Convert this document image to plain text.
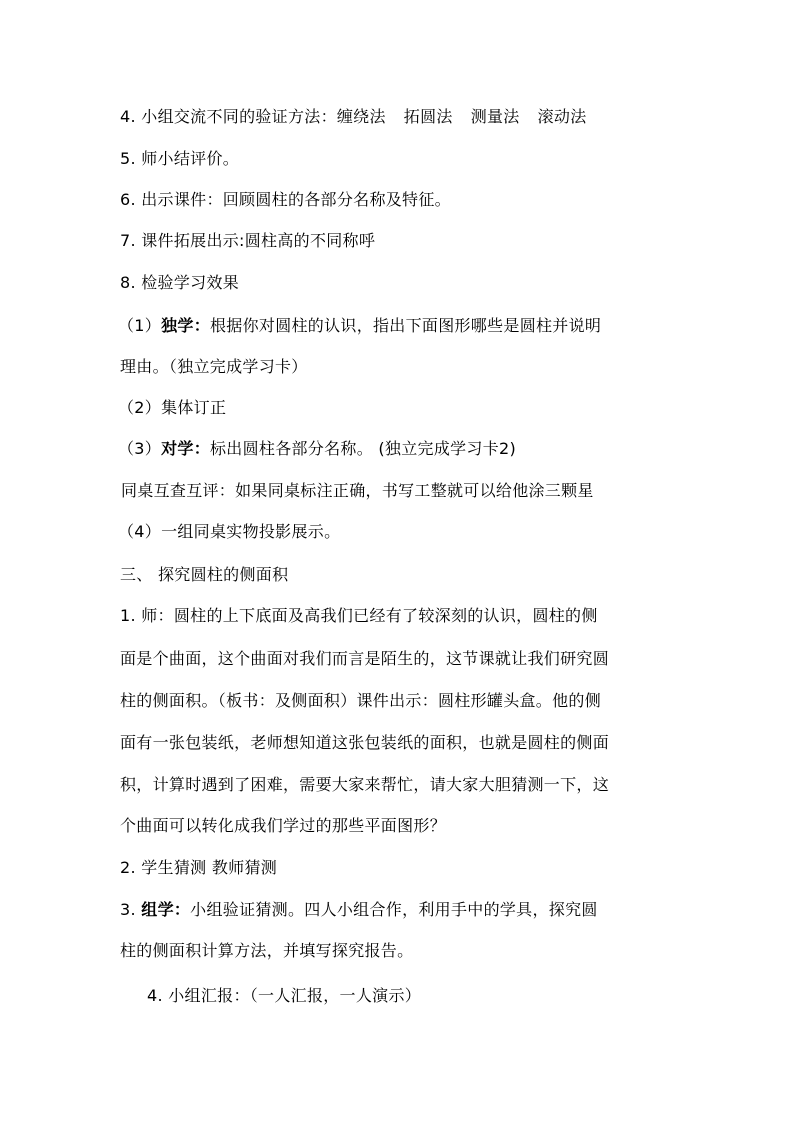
4. 小组交流不同的验证方法：缠绕法 拓圆法 测量法 滚动法
5. 师小结评价。
6. 出示课件：回顾圆柱的各部分名称及特征。
7. 课件拓展出示:圆柱高的不同称呼
8. 检验学习效果
（1）独学：根据你对圆柱的认识，指出下面图形哪些是圆柱并说明
理由。（独立完成学习卡）
（2）集体订正
（3）对学：标出圆柱各部分名称。 (独立完成学习卡2)
同桌互查互评：如果同桌标注正确，书写工整就可以给他涂三颗星
（4）一组同桌实物投影展示。
三、 探究圆柱的侧面积
1. 师：圆柱的上下底面及高我们已经有了较深刻的认识，圆柱的侧
面是个曲面，这个曲面对我们而言是陌生的，这节课就让我们研究圆
柱的侧面积。（板书：及侧面积）课件出示：圆柱形罐头盒。他的侧
面有一张包装纸，老师想知道这张包装纸的面积，也就是圆柱的侧面
积，计算时遇到了困难，需要大家来帮忙，请大家大胆猜测一下，这
个曲面可以转化成我们学过的那些平面图形？
2. 学生猜测 教师猜测
3. 组学：小组验证猜测。四人小组合作，利用手中的学具，探究圆
柱的侧面积计算方法，并填写探究报告。
4. 小组汇报：（一人汇报，一人演示）
